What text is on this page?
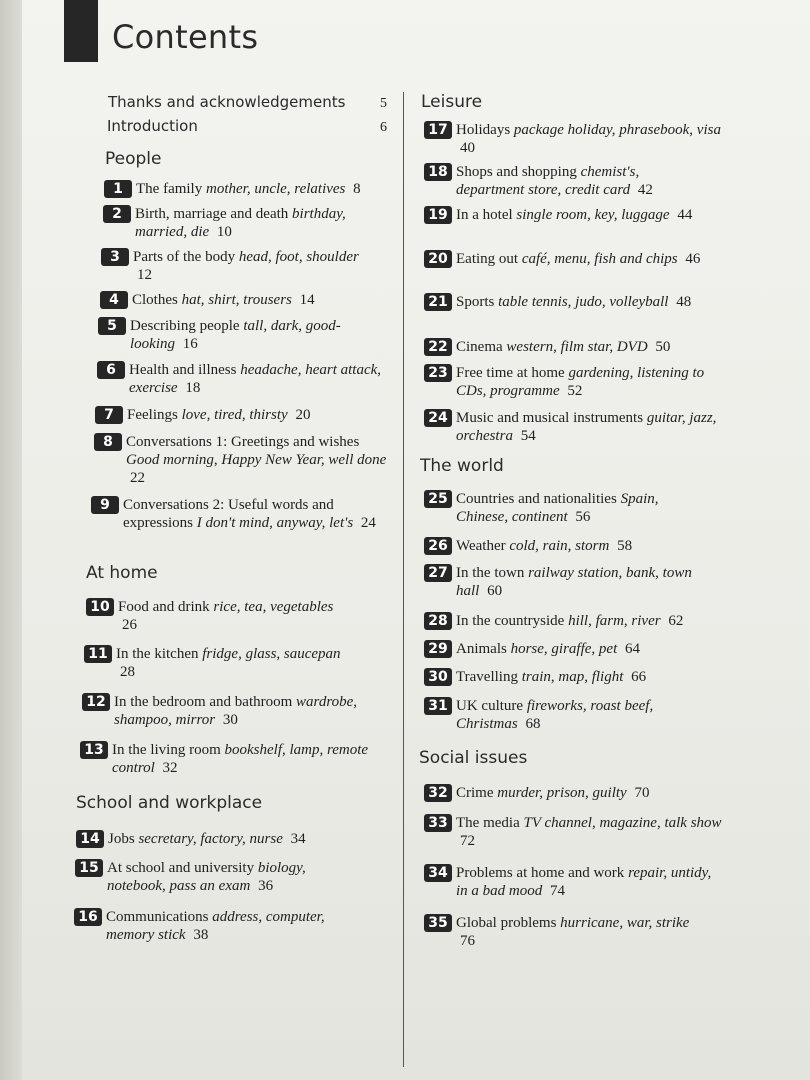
Contents
Thanks and acknowledgements 5
Introduction	6
People
At home
School and workplace
Leisure
The world
Social issues
1 The family mother, uncle, relatives 8
2 Birth, marriage and death birthday, married, die 10
3 Parts of the body head, foot, shoulder 12
4 Clothes hat, shirt, trousers 14
5 Describing people tall, dark, good-looking 16
6 Health and illness headache, heart attack, exercise 18
7 Feelings love, tired, thirsty 20
8 Conversations 1: Greetings and wishes Good morning, Happy New Year, well done 22
9 Conversations 2: Useful words and expressions I don't mind, anyway, let's 24
10 Food and drink rice, tea, vegetables 26
11 In the kitchen fridge, glass, saucepan 28
12 In the bedroom and bathroom wardrobe, shampoo, mirror 30
13 In the living room bookshelf, lamp, remote control 32
14 Jobs secretary, factory, nurse 34
15 At school and university biology, notebook, pass an exam 36
16 Communications address, computer, memory stick 38
17 Holidays package holiday, phrasebook, visa 40
18 Shops and shopping chemist's, department store, credit card 42
19 In a hotel single room, key, luggage 44
20 Eating out café, menu, fish and chips 46
21 Sports table tennis, judo, volleyball 48
22 Cinema western, film star, DVD 50
23 Free time at home gardening, listening to CDs, programme 52
24 Music and musical instruments guitar, jazz, orchestra 54
25 Countries and nationalities Spain, Chinese, continent 56
26 Weather cold, rain, storm 58
27 In the town railway station, bank, town hall 60
28 In the countryside hill, farm, river 62
29 Animals horse, giraffe, pet 64
30 Travelling train, map, flight 66
31 UK culture fireworks, roast beef, Christmas 68
32 Crime murder, prison, guilty 70
33 The media TV channel, magazine, talk show 72
34 Problems at home and work repair, untidy, in a bad mood 74
35 Global problems hurricane, war, strike 76
